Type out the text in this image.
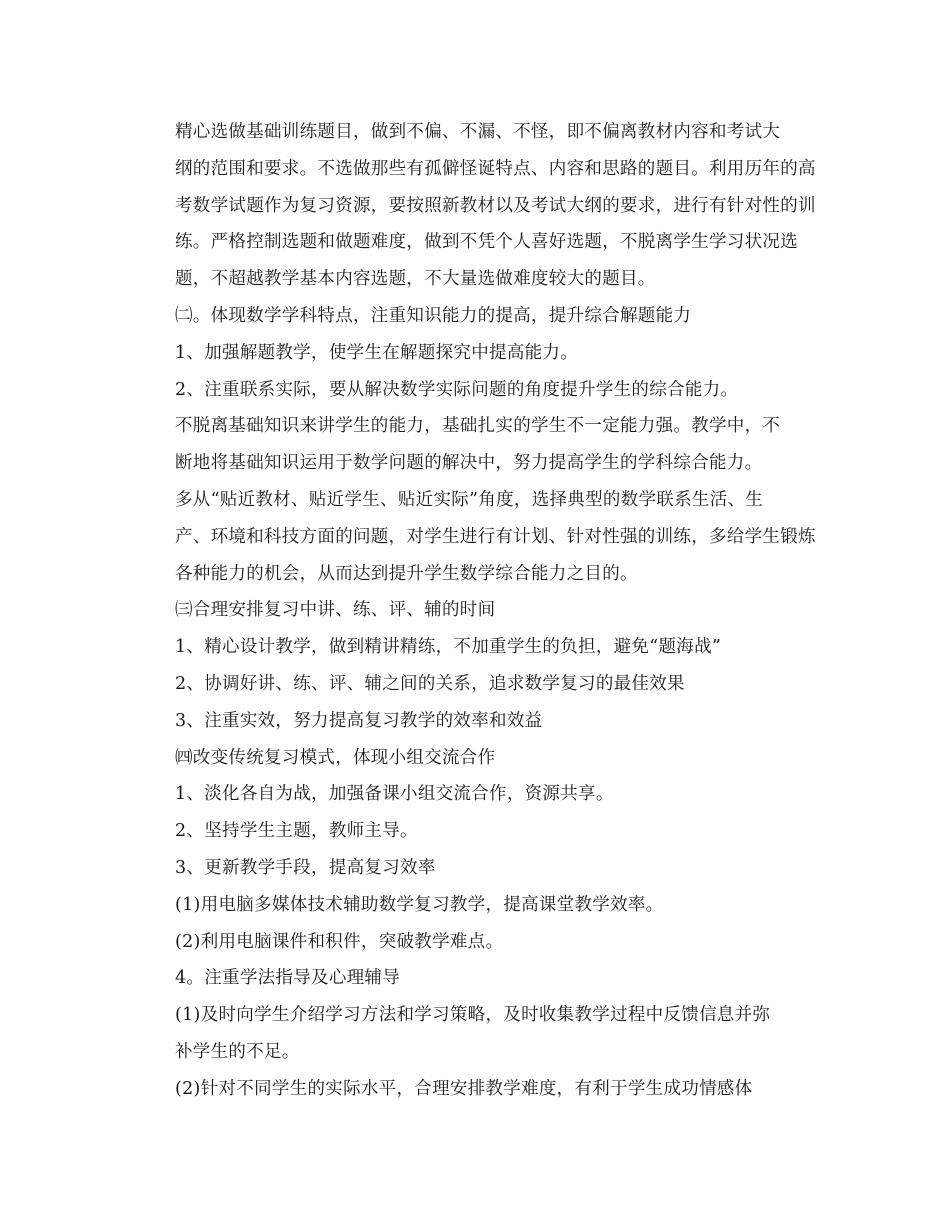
精心选做基础训练题目，做到不偏、不漏、不怪，即不偏离教材内容和考试大
纲的范围和要求。不选做那些有孤僻怪诞特点、内容和思路的题目。利用历年的高
考数学试题作为复习资源，要按照新教材以及考试大纲的要求，进行有针对性的训
练。严格控制选题和做题难度，做到不凭个人喜好选题，不脱离学生学习状况选
题，不超越教学基本内容选题，不大量选做难度较大的题目。

㈡。体现数学学科特点，注重知识能力的提高，提升综合解题能力

1、加强解题教学，使学生在解题探究中提高能力。

2、注重联系实际，要从解决数学实际问题的角度提升学生的综合能力。

不脱离基础知识来讲学生的能力，基础扎实的学生不一定能力强。教学中，不
断地将基础知识运用于数学问题的解决中，努力提高学生的学科综合能力。

多从“贴近教材、贴近学生、贴近实际”角度，选择典型的数学联系生活、生
产、环境和科技方面的问题，对学生进行有计划、针对性强的训练，多给学生锻炼
各种能力的机会，从而达到提升学生数学综合能力之目的。

㈢合理安排复习中讲、练、评、辅的时间

1、精心设计教学，做到精讲精练，不加重学生的负担，避免“题海战”

2、协调好讲、练、评、辅之间的关系，追求数学复习的最佳效果

3、注重实效，努力提高复习教学的效率和效益

㈣改变传统复习模式，体现小组交流合作

1、淡化各自为战，加强备课小组交流合作，资源共享。

2、坚持学生主题，教师主导。

3、更新教学手段，提高复习效率

(1)用电脑多媒体技术辅助数学复习教学，提高课堂教学效率。

(2)利用电脑课件和积件，突破教学难点。

4。注重学法指导及心理辅导

(1)及时向学生介绍学习方法和学习策略，及时收集教学过程中反馈信息并弥
补学生的不足。

(2)针对不同学生的实际水平，合理安排教学难度，有利于学生成功情感体
